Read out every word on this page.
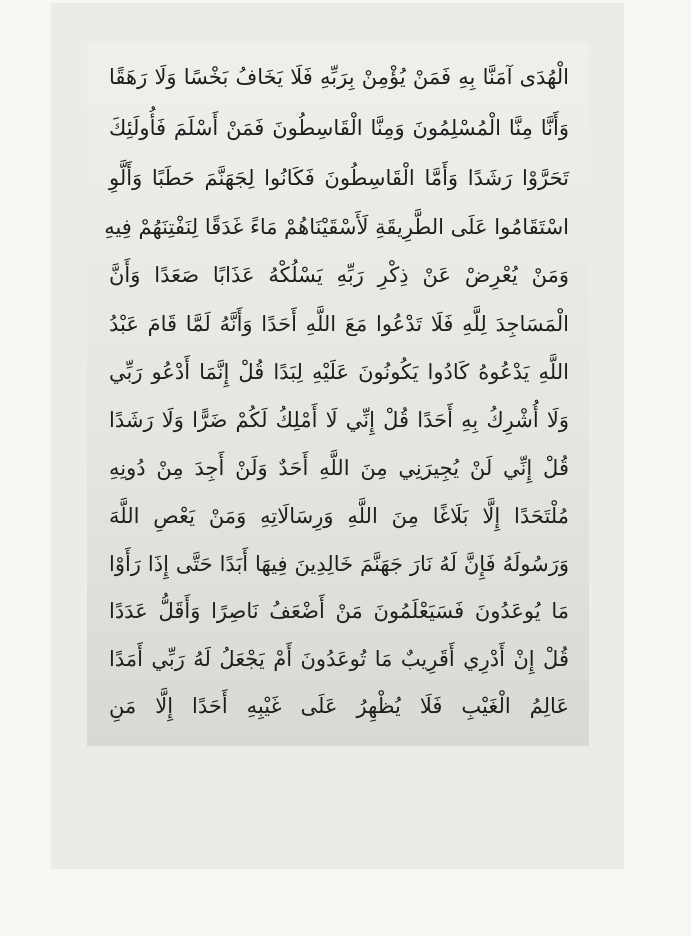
الْهُدَى آمَنَّا بِهِ فَمَنْ يُؤْمِنْ بِرَبِّهِ فَلَا يَخَافُ بَخْسًا وَلَا رَهَقًا
وَأَنَّا مِنَّا الْمُسْلِمُونَ وَمِنَّا الْقَاسِطُونَ فَمَنْ أَسْلَمَ فَأُولَئِكَ
تَحَرَّوْا رَشَدًا وَأَمَّا الْقَاسِطُونَ فَكَانُوا لِجَهَنَّمَ حَطَبًا وَأَلَّوِ
اسْتَقَامُوا عَلَى الطَّرِيقَةِ لَأَسْقَيْنَاهُمْ مَاءً غَدَقًا لِنَفْتِنَهُمْ فِيهِ
وَمَنْ يُعْرِضْ عَنْ ذِكْرِ رَبِّهِ يَسْلُكْهُ عَذَابًا صَعَدًا وَأَنَّ
الْمَسَاجِدَ لِلَّهِ فَلَا تَدْعُوا مَعَ اللَّهِ أَحَدًا وَأَنَّهُ لَمَّا قَامَ عَبْدُ
اللَّهِ يَدْعُوهُ كَادُوا يَكُونُونَ عَلَيْهِ لِبَدًا قُلْ إِنَّمَا أَدْعُو رَبِّي
وَلَا أُشْرِكُ بِهِ أَحَدًا قُلْ إِنِّي لَا أَمْلِكُ لَكُمْ ضَرًّا وَلَا رَشَدًا
قُلْ إِنِّي لَنْ يُجِيرَنِي مِنَ اللَّهِ أَحَدٌ وَلَنْ أَجِدَ مِنْ دُونِهِ
مُلْتَحَدًا إِلَّا بَلَاغًا مِنَ اللَّهِ وَرِسَالَاتِهِ وَمَنْ يَعْصِ اللَّهَ
وَرَسُولَهُ فَإِنَّ لَهُ نَارَ جَهَنَّمَ خَالِدِينَ فِيهَا أَبَدًا حَتَّى إِذَا رَأَوْا
مَا يُوعَدُونَ فَسَيَعْلَمُونَ مَنْ أَضْعَفُ نَاصِرًا وَأَقَلُّ عَدَدًا
قُلْ إِنْ أَدْرِي أَقَرِيبٌ مَا تُوعَدُونَ أَمْ يَجْعَلُ لَهُ رَبِّي أَمَدًا
عَالِمُ الْغَيْبِ فَلَا يُظْهِرُ عَلَى غَيْبِهِ أَحَدًا إِلَّا مَنِ
